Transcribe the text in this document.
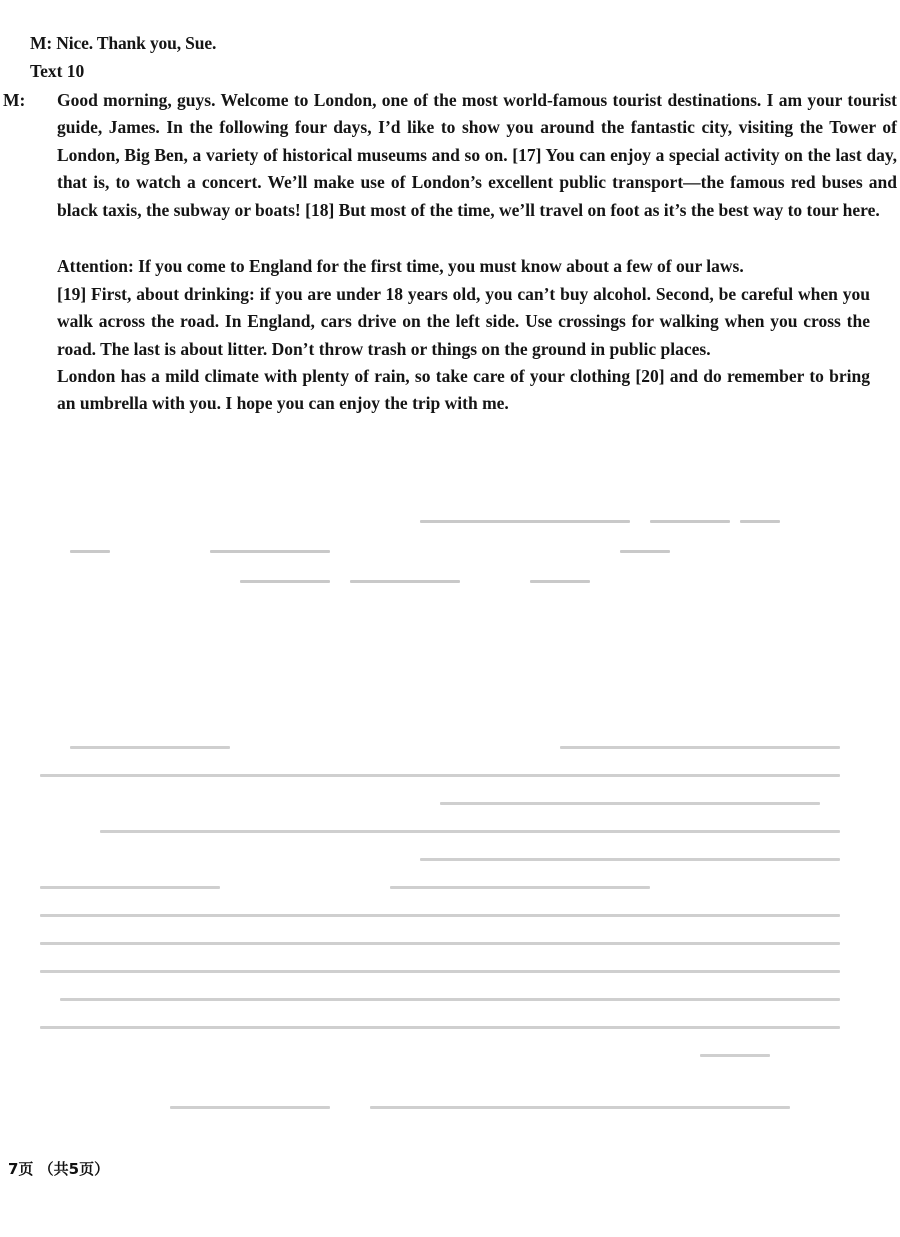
M: Nice. Thank you, Sue.
Text 10
M: Good morning, guys. Welcome to London, one of the most world-famous tourist destinations. I am your tourist guide, James. In the following four days, I’d like to show you around the fantastic city, visiting the Tower of London, Big Ben, a variety of historical museums and so on. [17] You can enjoy a special activity on the last day, that is, to watch a concert. We’ll make use of London’s excellent public transport—the famous red buses and black taxis, the subway or boats! [18] But most of the time, we’ll travel on foot as it’s the best way to tour here.
Attention: If you come to England for the first time, you must know about a few of our laws.
[19] First, about drinking: if you are under 18 years old, you can’t buy alcohol. Second, be careful when you walk across the road. In England, cars drive on the left side. Use crossings for walking when you cross the road. The last is about litter. Don’t throw trash or things on the ground in public places.
London has a mild climate with plenty of rain, so take care of your clothing [20] and do remember to bring an umbrella with you. I hope you can enjoy the trip with me.
7页 （共5页）
